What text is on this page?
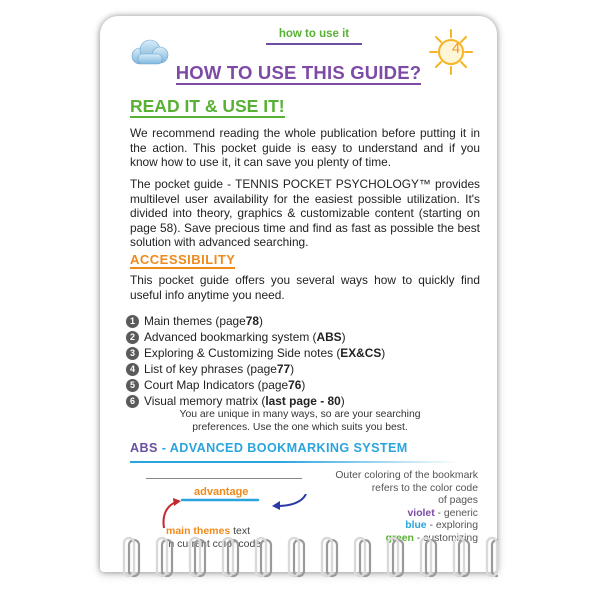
how to use it
4
HOW TO USE THIS GUIDE?
READ IT & USE IT!
We recommend reading the whole publication before putting it in the action. This pocket guide is easy to understand and if you know how to use it, it can save you plenty of time.
The pocket guide - TENNIS POCKET PSYCHOLOGY™ provides multilevel user availability for the easiest possible utilization. It's divided into theory, graphics & customizable content (starting on page 58). Save precious time and find as fast as possible the best solution with advanced searching.
ACCESSIBILITY
This pocket guide offers you several ways how to quickly find useful info anytime you need.
1 Main themes (page 78 )
2 Advanced bookmarking system ( ABS )
3 Exploring & Customizing Side notes ( EX&CS )
4 List of key phrases (page 77 )
5 Court Map Indicators (page 76 )
6 Visual memory matrix ( last page - 80 )
You are unique in many ways, so are your searching
preferences. Use the one which suits you best.
ABS - ADVANCED BOOKMARKING SYSTEM
advantage
main themes text
in current color code
Outer coloring of the bookmark
refers to the color code
of pages
violet - generic
blue - exploring
green - customizing
